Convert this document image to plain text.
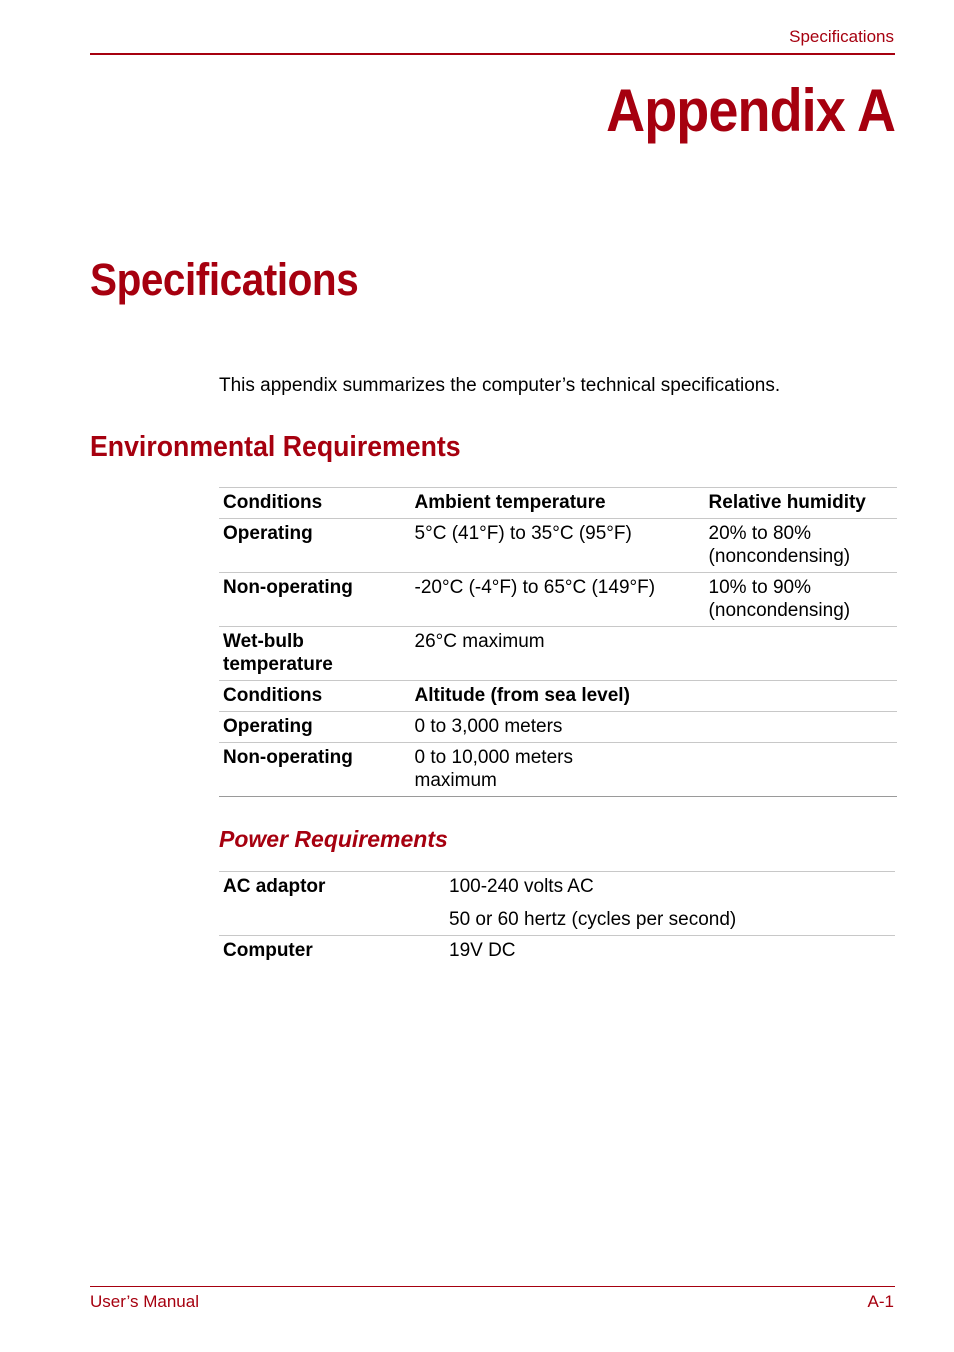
Specifications
Appendix A
Specifications
This appendix summarizes the computer’s technical specifications.
Environmental Requirements
Conditions	Ambient temperature	Relative humidity
Operating	5°C (41°F) to 35°C (95°F)	20% to 80% (noncondensing)
Non-operating	-20°C (-4°F) to 65°C (149°F)	10% to 90% (noncondensing)
Wet-bulb temperature	26°C maximum	
Conditions	Altitude (from sea level)	
Operating	0 to 3,000 meters	
Non-operating	0 to 10,000 meters maximum	
Power Requirements
AC adaptor	100-240 volts AC
	50 or 60 hertz (cycles per second)
Computer	19V DC
User’s Manual	A-1
